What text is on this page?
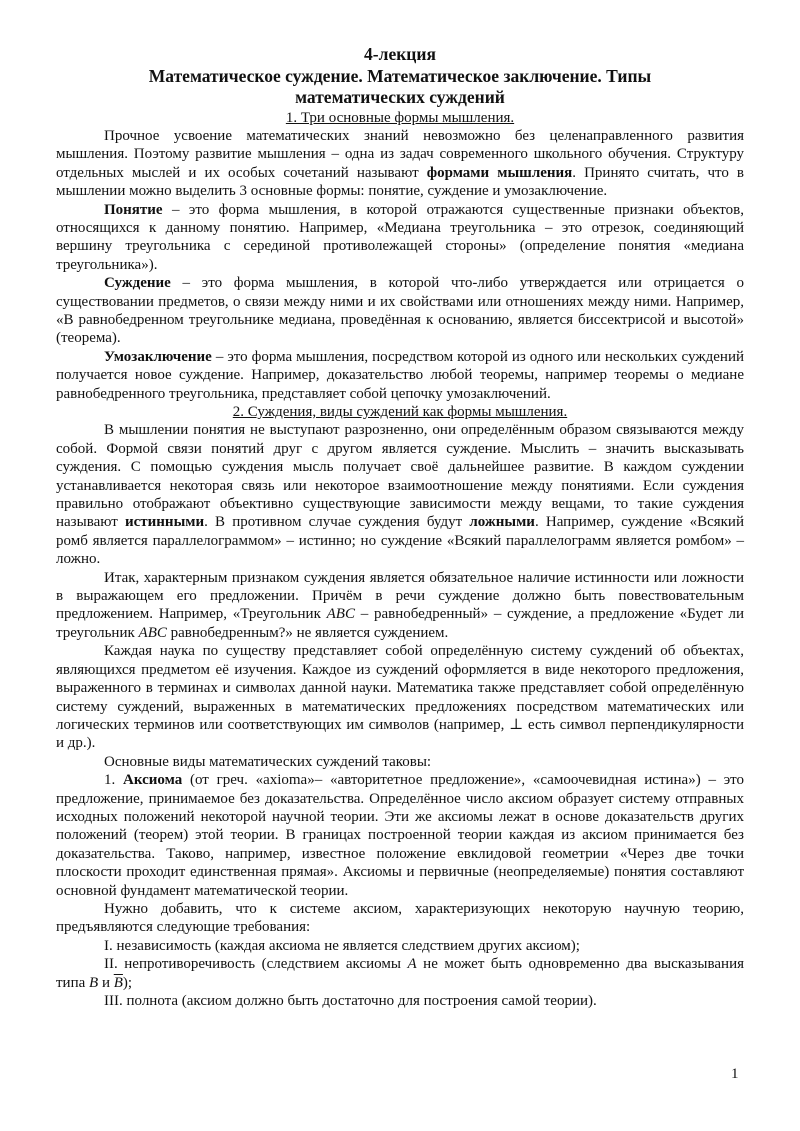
4-лекция
Математическое суждение. Математическое заключение. Типы
математических суждений
1. Три основные формы мышления.

Прочное усвоение математических знаний невозможно без целенаправленного развития мышления. Поэтому развитие мышления – одна из задач современного школьного обучения. Структуру отдельных мыслей и их особых сочетаний называют формами мышления. Принято считать, что в мышлении можно выделить 3 основные формы: понятие, суждение и умозаключение.

Понятие – это форма мышления, в которой отражаются существенные признаки объектов, относящихся к данному понятию. Например, «Медиана треугольника – это отрезок, соединяющий вершину треугольника с серединой противолежащей стороны» (определение понятия «медиана треугольника»).

Суждение – это форма мышления, в которой что-либо утверждается или отрицается о существовании предметов, о связи между ними и их свойствами или отношениях между ними. Например, «В равнобедренном треугольнике медиана, проведённая к основанию, является биссектрисой и высотой» (теорема).

Умозаключение – это форма мышления, посредством которой из одного или нескольких суждений получается новое суждение. Например, доказательство любой теоремы, например теоремы о медиане равнобедренного треугольника, представляет собой цепочку умозаключений.

2. Суждения, виды суждений как формы мышления.

В мышлении понятия не выступают разрозненно, они определённым образом связываются между собой. Формой связи понятий друг с другом является суждение. Мыслить – значить высказывать суждения. С помощью суждения мысль получает своё дальнейшее развитие. В каждом суждении устанавливается некоторая связь или некоторое взаимоотношение между понятиями. Если суждения правильно отображают объективно существующие зависимости между вещами, то такие суждения называют истинными. В противном случае суждения будут ложными. Например, суждение «Всякий ромб является параллелограммом» – истинно; но суждение «Всякий параллелограмм является ромбом» – ложно.

Итак, характерным признаком суждения является обязательное наличие истинности или ложности в выражающем его предложении. Причём в речи суждение должно быть повествовательным предложением. Например, «Треугольник ABC – равнобедренный» – суждение, а предложение «Будет ли треугольник ABC равнобедренным?» не является суждением.

Каждая наука по существу представляет собой определённую систему суждений об объектах, являющихся предметом её изучения. Каждое из суждений оформляется в виде некоторого предложения, выраженного в терминах и символах данной науки. Математика также представляет собой определённую систему суждений, выраженных в математических предложениях посредством математических или логических терминов или соответствующих им символов (например, ⊥ есть символ перпендикулярности и др.).

Основные виды математических суждений таковы:

1. Аксиома (от греч. «axioma»– «авторитетное предложение», «самоочевидная истина») – это предложение, принимаемое без доказательства. Определённое число аксиом образует систему отправных исходных положений некоторой научной теории. Эти же аксиомы лежат в основе доказательств других положений (теорем) этой теории. В границах построенной теории каждая из аксиом принимается без доказательства. Таково, например, известное положение евклидовой геометрии «Через две точки плоскости проходит единственная прямая». Аксиомы и первичные (неопределяемые) понятия составляют основной фундамент математической теории.

Нужно добавить, что к системе аксиом, характеризующих некоторую научную теорию, предъявляются следующие требования:

I. независимость (каждая аксиома не является следствием других аксиом);

II. непротиворечивость (следствием аксиомы A не может быть одновременно два высказывания типа B и $\overline{B}$);

III. полнота (аксиом должно быть достаточно для построения самой теории).

1
